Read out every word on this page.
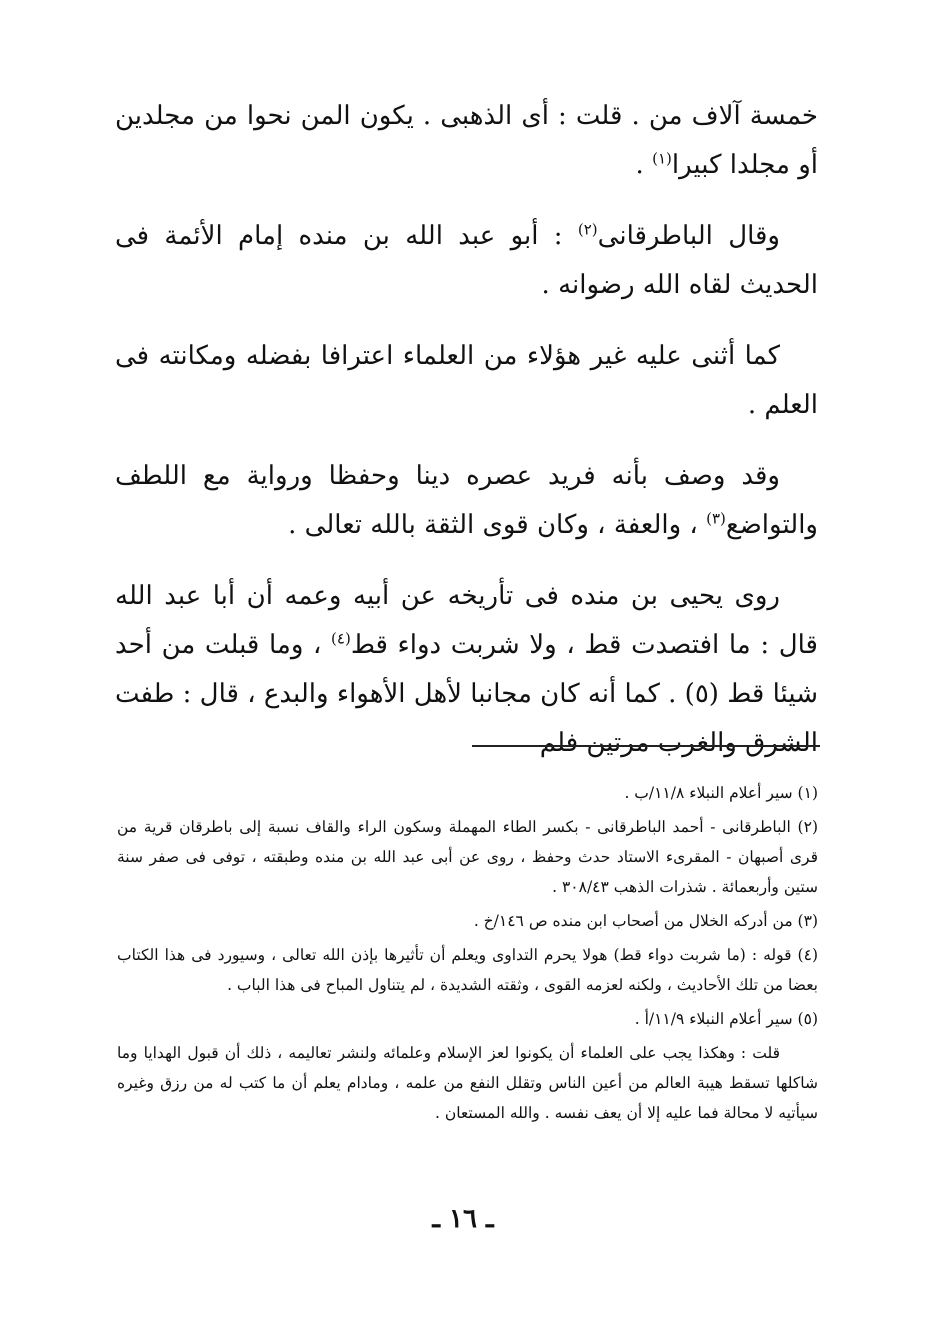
خمسة آلاف من . قلت : أى الذهبى . يكون المن نحوا من مجلدين أو مجلدا كبيرا$^{(١)}$ .

وقال الباطرقانى$^{(٢)}$ : أبو عبد الله بن منده إمام الأئمة فى الحديث لقاه الله رضوانه .

كما أثنى عليه غير هؤلاء من العلماء اعترافا بفضله ومكانته فى العلم .

وقد وصف بأنه فريد عصره دينا وحفظا ورواية مع اللطف والتواضع$^{(٣)}$ ، والعفة ، وكان قوى الثقة بالله تعالى .

روى يحيى بن منده فى تأريخه عن أبيه وعمه أن أبا عبد الله قال : ما افتصدت قط ، ولا شربت دواء قط$^{(٤)}$ ، وما قبلت من أحد شيئا قط (٥) . كما أنه كان مجانبا لأهل الأهواء والبدع ، قال : طفت الشرق والغرب مرتين فلم

(١) سير أعلام النبلاء ١١/٨/ب .

(٢) الباطرقانى - أحمد الباطرقانى - بكسر الطاء المهملة وسكون الراء والقاف نسبة إلى باطرقان قرية من قرى أصبهان - المقرىء الاستاد حدث وحفظ ، روى عن أبى عبد الله بن منده وطبقته ، توفى فى صفر سنة ستين وأربعمائة . شذرات الذهب ٣٠٨/٤٣ .

(٣) من أدركه الخلال من أصحاب ابن منده ص ١٤٦/خ .

(٤) قوله : (ما شربت دواء قط) هولا يحرم التداوى ويعلم أن تأثيرها بإذن الله تعالى ، وسيورد فى هذا الكتاب بعضا من تلك الأحاديث ، ولكنه لعزمه القوى ، وثقته الشديدة ، لم يتناول المباح فى هذا الباب .

(٥) سير أعلام النبلاء ١١/٩/أ .

قلت : وهكذا يجب على العلماء أن يكونوا لعز الإسلام وعلمائه ولنشر تعاليمه ، ذلك أن قبول الهدايا وما شاكلها تسقط هيبة العالم من أعين الناس وتقلل النفع من علمه ، ومادام يعلم أن ما كتب له من رزق وغيره سيأتيه لا محالة فما عليه إلا أن يعف نفسه . والله المستعان .

ـ ١٦ ـ
